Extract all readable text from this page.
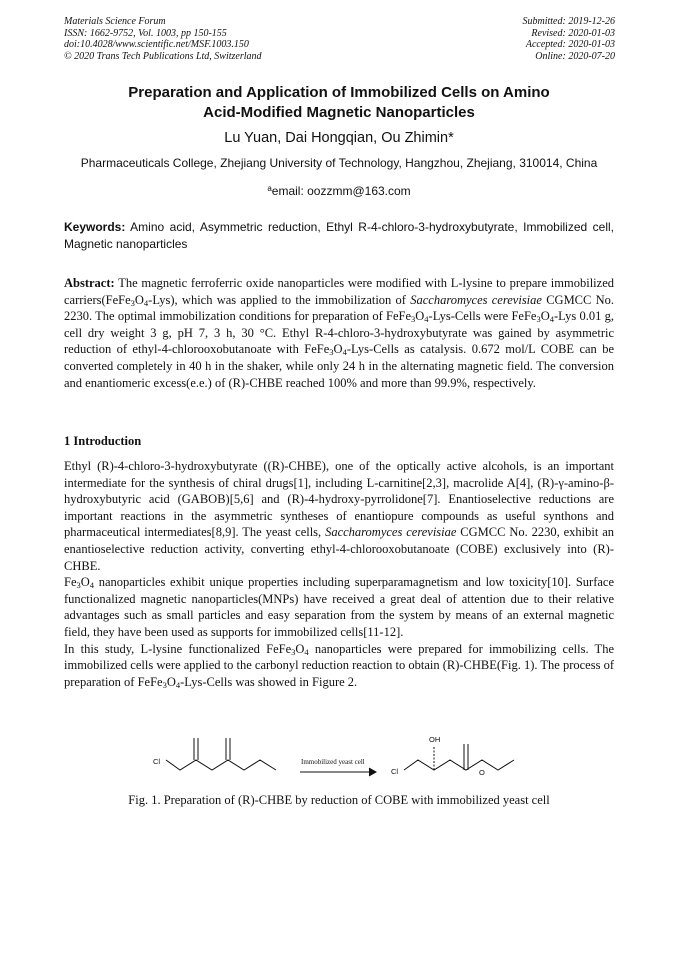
Materials Science Forum
ISSN: 1662-9752, Vol. 1003, pp 150-155
doi:10.4028/www.scientific.net/MSF.1003.150
© 2020 Trans Tech Publications Ltd, Switzerland
Submitted: 2019-12-26
Revised: 2020-01-03
Accepted: 2020-01-03
Online: 2020-07-20
Preparation and Application of Immobilized Cells on Amino
Acid-Modified Magnetic Nanoparticles
Lu Yuan, Dai Hongqian, Ou Zhimin*
Pharmaceuticals College, Zhejiang University of Technology, Hangzhou, Zhejiang, 310014, China
$^a$email: oozzmm@163.com
Keywords: Amino acid, Asymmetric reduction, Ethyl R-4-chloro-3-hydroxybutyrate, Immobilized cell, Magnetic nanoparticles
Abstract: The magnetic ferroferric oxide nanoparticles were modified with L-lysine to prepare immobilized $carriers(FeFe_3O_4-Lys)$, which was applied to the immobilization of Saccharomyces cerevisiae CGMCC No. 2230. The optimal immobilization conditions for preparation of $FeFe_3O_4-Lys$-Cells were $FeFe_3O_4$-Lys 0.01 g, cell dry weight 3 g, pH 7, 3 h, 30 °C. Ethyl R-4-chloro-3-hydroxybutyrate was gained by asymmetric reduction of ethyl-4-chlorooxobutanoate with $FeFe_3O_4-Lys$-Cells as catalysis. 0.672 mol/L COBE can be converted completely in 40 h in the shaker, while only 24 h in the alternating magnetic field. The conversion and enantiomeric excess(e.e.) of (R)-CHBE reached 100% and more than 99.9%, respectively.
1 Introduction

Ethyl (R)-4-chloro-3-hydroxybutyrate ((R)-CHBE), one of the optically active alcohols, is an important intermediate for the synthesis of chiral drugs[1], including L-carnitine[2,3], macrolide A[4], (R)-γ-amino-β-hydroxybutyric acid (GABOB)[5,6] and (R)-4-hydroxy-pyrrolidone[7]. Enantioselective reductions are important reactions in the asymmetric syntheses of enantiopure compounds as useful synthons and pharmaceutical intermediates[8,9]. The yeast cells, Saccharomyces cerevisiae CGMCC No. 2230, exhibit an enantioselective reduction activity, converting ethyl-4-chlorooxobutanoate (COBE) exclusively into (R)-CHBE.

$Fe_3O_4$ nanoparticles exhibit unique properties including superparamagnetism and low toxicity[10]. Surface functionalized magnetic nanoparticles(MNPs) have received a great deal of attention due to their relative advantages such as small particles and easy separation from the system by means of an external magnetic field, they have been used as supports for immobilized cells[11-12].

In this study, L-lysine functionalized $FeFe_3O_4$ nanoparticles were prepared for immobilizing cells. The immobilized cells were applied to the carbonyl reduction reaction to obtain (R)-CHBE(Fig. 1). The process of preparation of $FeFe_3O_4-Lys$-Cells was showed in Figure 2.

Cl
Cl
OH
O
Immobilized yeast cell
Fig. 1. Preparation of (R)-CHBE by reduction of COBE with immobilized yeast cell
